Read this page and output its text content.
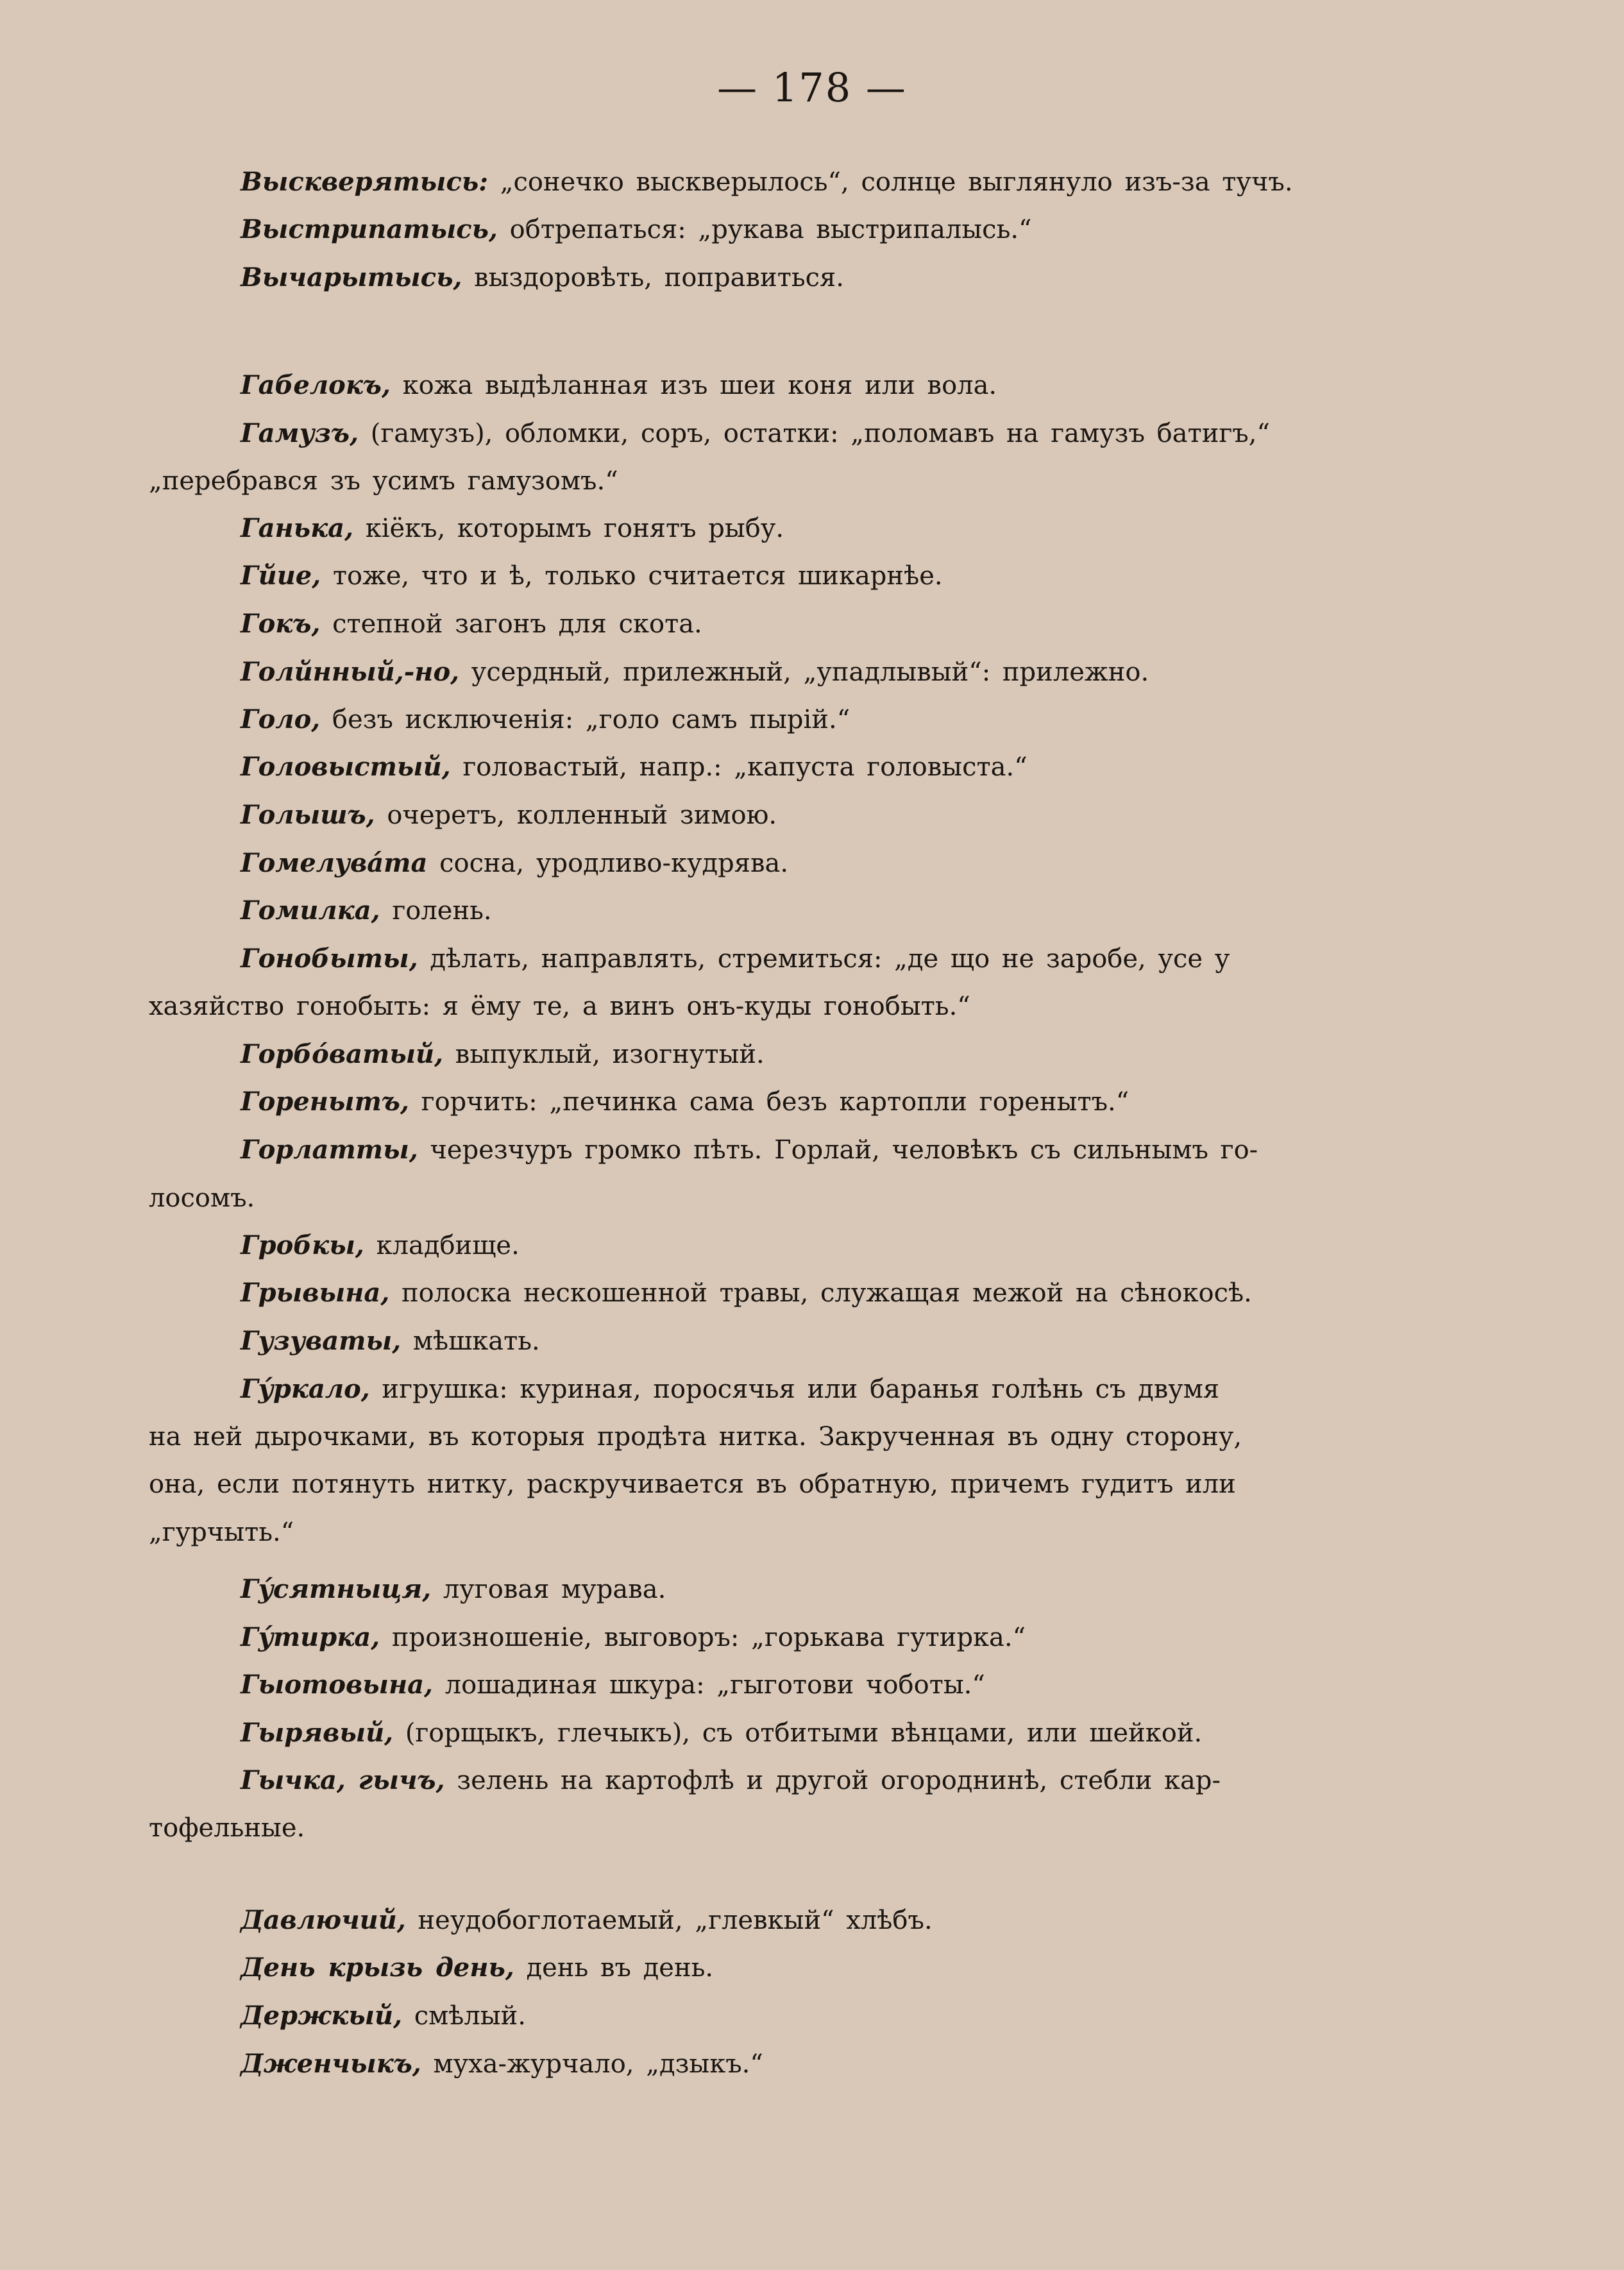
— 178 —
Выскверятысь: „сонечко выскверылось“, солнце выглянуло изъ-за тучъ.
Выстрипатысь, обтрепаться: „рукава выстрипалысь.“
Вычарытысь, выздоровѣть, поправиться.
Габелокъ, кожа выдѣланная изъ шеи коня или вола.
Гамузъ, (гамузъ), обломки, соръ, остатки: „поломавъ на гамузъ батигъ,“
„перебрався зъ усимъ гамузомъ.“
Ганька, кіёкъ, которымъ гонятъ рыбу.
Гйие, тоже, что и ѣ, только считается шикарнѣе.
Гокъ, степной загонъ для скота.
Голйнный,-но, усердный, прилежный, „упадлывый“: прилежно.
Голо, безъ исключенія: „голо самъ пырій.“
Головыстый, головастый, напр.: „капуста головыста.“
Голышъ, очеретъ, колленный зимою.
Гомелувáта сосна, уродливо-кудрява.
Гомилка, голень.
Гонобыты, дѣлать, направлять, стремиться: „де що не заробе, усе у
хазяйство гонобыть: я ёму те, а винъ онъ-куды гонобыть.“
Горбóватый, выпуклый, изогнутый.
Горенытъ, горчить: „печинка сама безъ картопли горенытъ.“
Горлатты, черезчуръ громко пѣть. Горлай, человѣкъ съ сильнымъ го-
лосомъ.
Гробкы, кладбище.
Грывына, полоска нескошенной травы, служащая межой на сѣнокосѣ.
Гузуваты, мѣшкать.
Гýркало, игрушка: куриная, поросячья или баранья голѣнь съ двумя
на ней дырочками, въ которыя продѣта нитка. Закрученная въ одну сторону,
она, если потянуть нитку, раскручивается въ обратную, причемъ гудитъ или
„гурчыть.“
Гýсятныця, луговая мурава.
Гýтирка, произношеніе, выговоръ: „горькава гутирка.“
Гыотовына, лошадиная шкура: „гыготови чоботы.“
Гырявый, (горщыкъ, глечыкъ), съ отбитыми вѣнцами, или шейкой.
Гычка, гычъ, зелень на картофлѣ и другой огороднинѣ, стебли кар-
тофельные.
Давлючий, неудобоглотаемый, „глевкый“ хлѣбъ.
День крызь день, день въ день.
Держкый, смѣлый.
Дженчыкъ, муха-журчало, „дзыкъ.“
